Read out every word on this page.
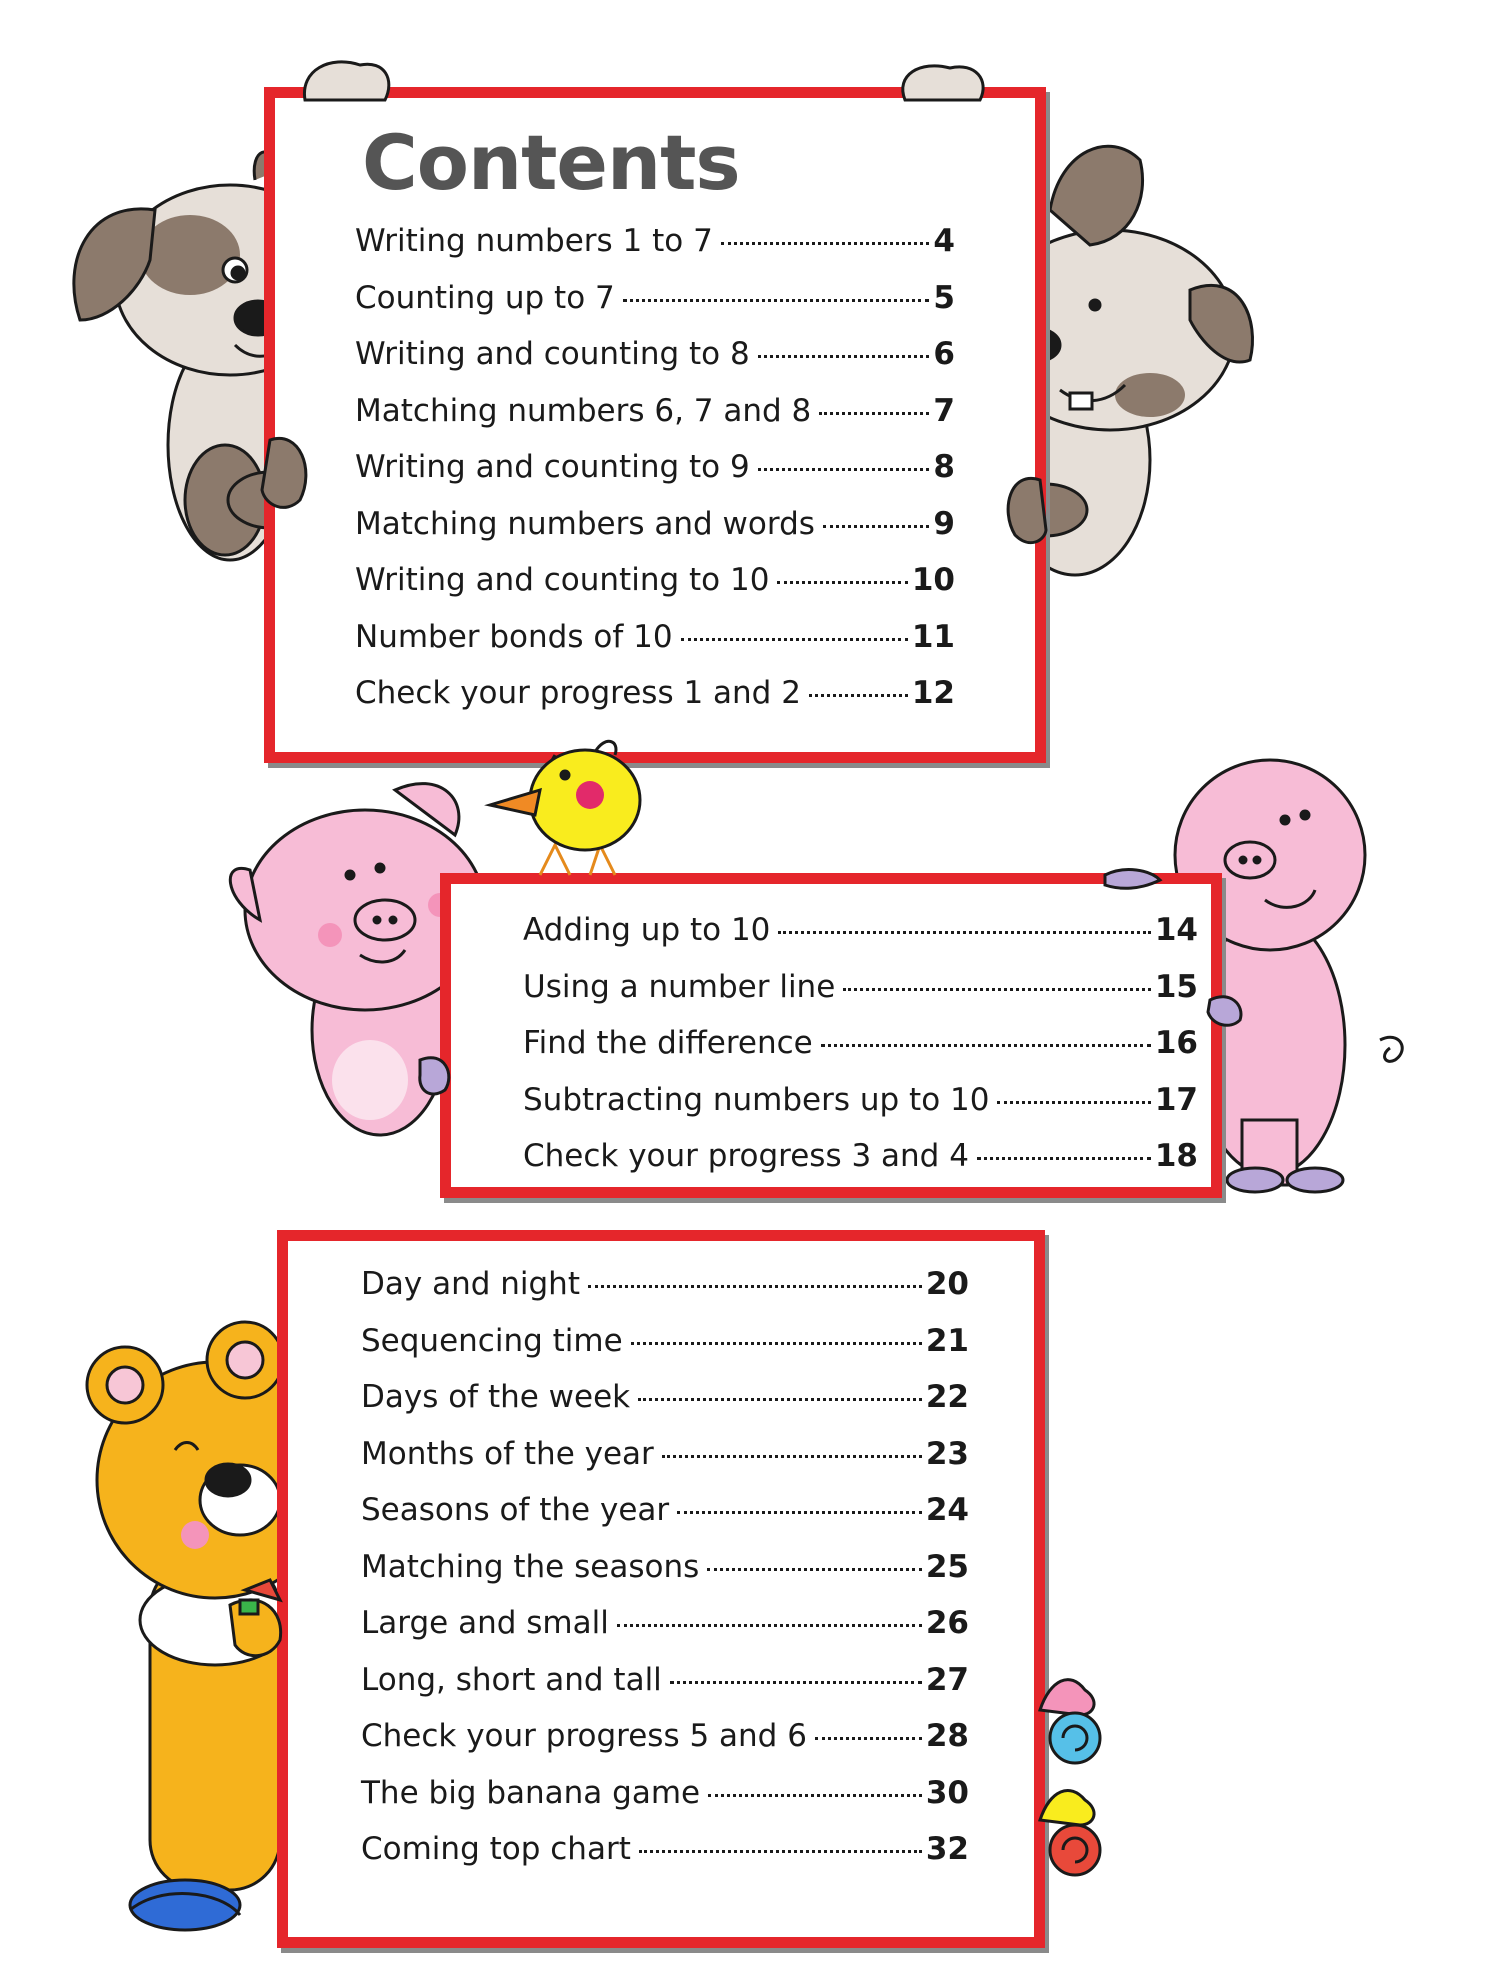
Contents
Writing numbers 1 to 7	4
Counting up to 7	5
Writing and counting to 8	6
Matching numbers 6, 7 and 8	7
Writing and counting to 9	8
Matching numbers and words	9
Writing and counting to 10	10
Number bonds of 10	11
Check your progress 1 and 2	12
Adding up to 10	14
Using a number line	15
Find the difference	16
Subtracting numbers up to 10	17
Check your progress 3 and 4	18
Day and night	20
Sequencing time	21
Days of the week	22
Months of the year	23
Seasons of the year	24
Matching the seasons	25
Large and small	26
Long, short and tall	27
Check your progress 5 and 6	28
The big banana game	30
Coming top chart	32
